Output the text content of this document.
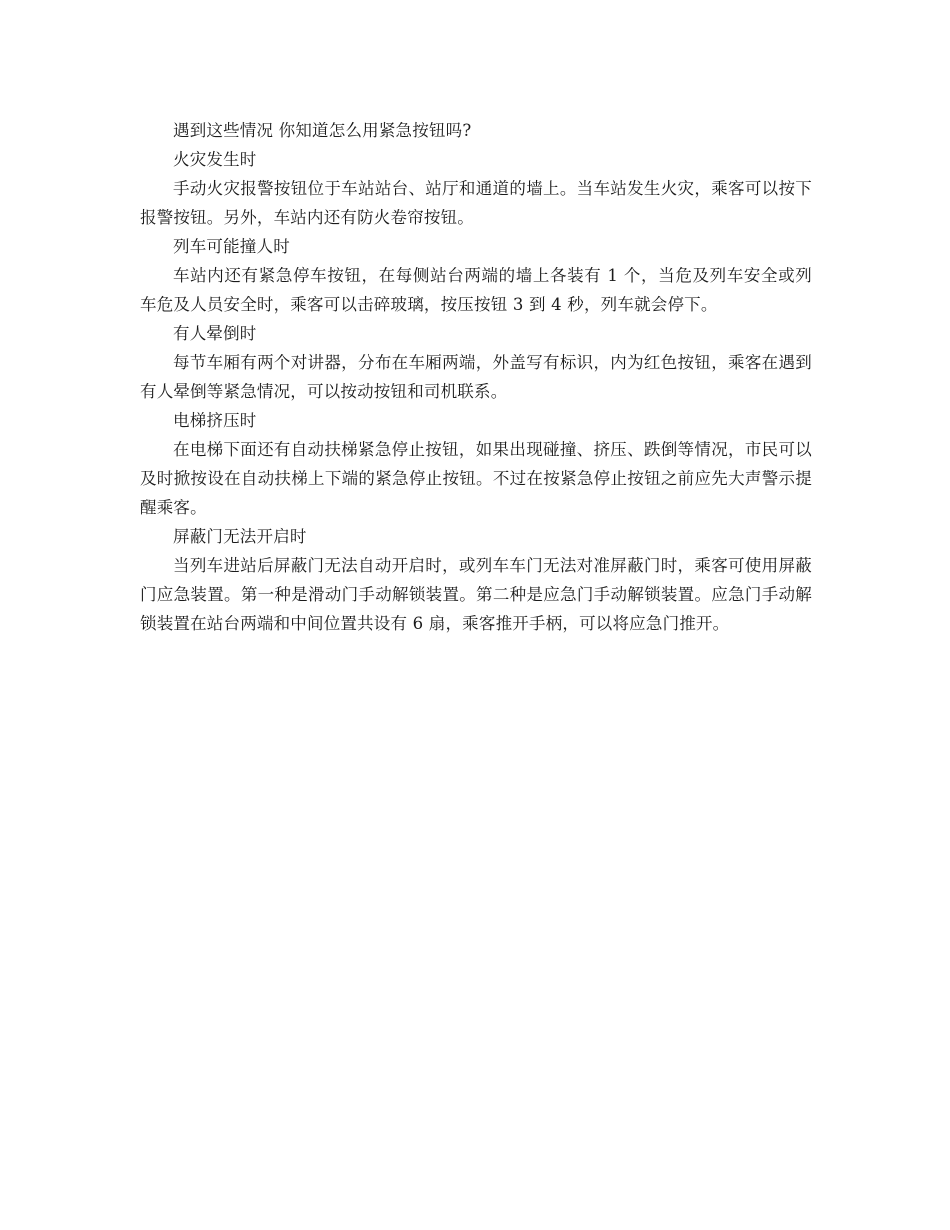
遇到这些情况 你知道怎么用紧急按钮吗?

火灾发生时

手动火灾报警按钮位于车站站台、站厅和通道的墙上。当车站发生火灾，乘客可以按下报警按钮。另外，车站内还有防火卷帘按钮。

列车可能撞人时

车站内还有紧急停车按钮，在每侧站台两端的墙上各装有 1 个，当危及列车安全或列车危及人员安全时，乘客可以击碎玻璃，按压按钮 3 到 4 秒，列车就会停下。

有人晕倒时

每节车厢有两个对讲器，分布在车厢两端，外盖写有标识，内为红色按钮，乘客在遇到有人晕倒等紧急情况，可以按动按钮和司机联系。

电梯挤压时

在电梯下面还有自动扶梯紧急停止按钮，如果出现碰撞、挤压、跌倒等情况，市民可以及时掀按设在自动扶梯上下端的紧急停止按钮。不过在按紧急停止按钮之前应先大声警示提醒乘客。

屏蔽门无法开启时

当列车进站后屏蔽门无法自动开启时，或列车车门无法对准屏蔽门时，乘客可使用屏蔽门应急装置。第一种是滑动门手动解锁装置。第二种是应急门手动解锁装置。应急门手动解锁装置在站台两端和中间位置共设有 6 扇，乘客推开手柄，可以将应急门推开。
